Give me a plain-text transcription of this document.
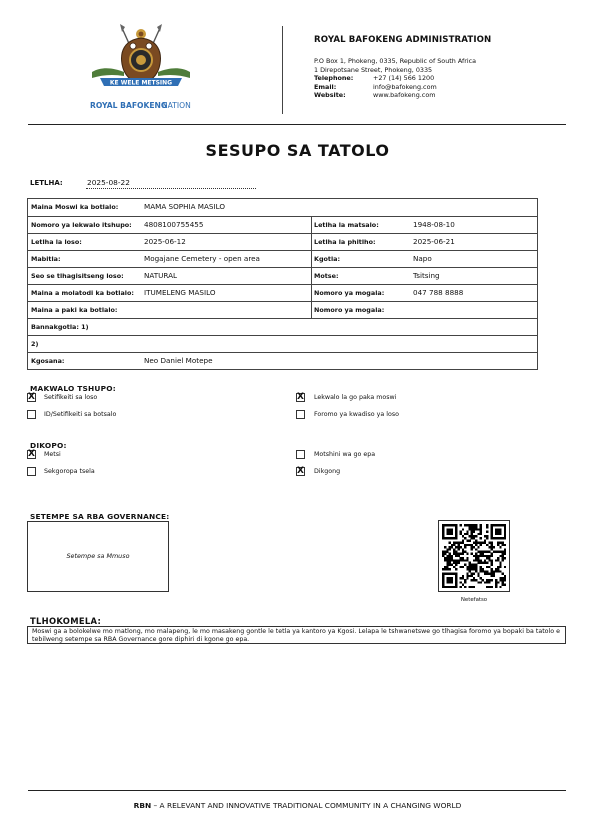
KE WELE METSING
ROYAL BAFOKENG
NATION
ROYAL BAFOKENG ADMINISTRATION
P.O Box 1, Phokeng, 0335, Republic of South Africa
1 Direpotsane Street, Phokeng, 0335
Telephone:	+27 (14) 566 1200
Email:	info@bafokeng.com
Website:	www.bafokeng.com
SESUPO SA TATOLO
LETLHA:	2025-08-22
Maina Moswi ka botlalo:	MAMA SOPHIA MASILO
Nomoro ya lekwalo itshupo: 4808100755455	Letlha la matsalo:	1948-08-10
Letlha la loso:	2025-06-12	Letlha la phitlho:	2025-06-21
Mabitla:	Mogajane Cemetery - open area	Kgotla:	Napo
Seo se tlhagisitseng loso:	NATURAL	Motse:	Tsitsing
Maina a molatodi ka botlalo: ITUMELENG MASILO	Nomoro ya mogala:	047 788 8888
Maina a paki ka botlalo:	Nomoro ya mogala:
Bannakgotla: 1)
2)
Kgosana:	Neo Daniel Motepe
MAKWALO TSHUPO:
X Setifikeiti sa loso	X Lekwalo la go paka moswi
ID/Setifikeiti sa botsalo	Foromo ya kwadiso ya loso
DIKOPO:
X Metsi	Motshini wa go epa
Sekgoropa tsela	X Dikgong
SETEMPE SA RBA GOVERNANCE:
Setempe sa Mmuso
Netefatso
TLHOKOMELA:
Moswi ga a bolokelwe mo matlong, mo malapeng, le mo masakeng gontle le tetla ya kantoro ya Kgosi. Lelapa le tshwanetswe go tlhagisa foromo ya bopaki ba tatolo e tebilweng setempe sa RBA Governance gore diphiri di kgone go epa.
RBN – A RELEVANT AND INNOVATIVE TRADITIONAL COMMUNITY IN A CHANGING WORLD
